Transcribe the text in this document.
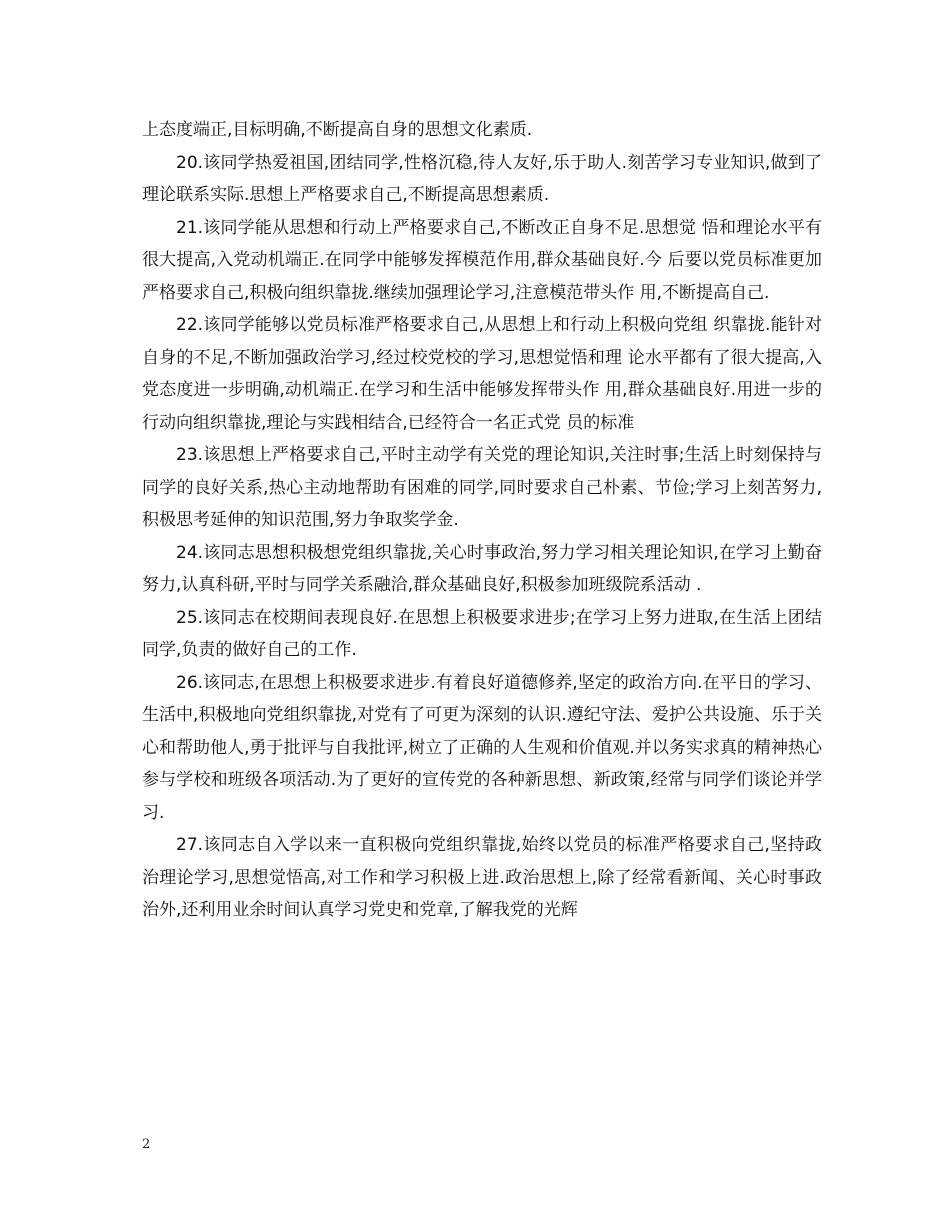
上态度端正,目标明确,不断提高自身的思想文化素质.

20.该同学热爱祖国,团结同学,性格沉稳,待人友好,乐于助人.刻苦学习专业知识,做到了理论联系实际.思想上严格要求自己,不断提高思想素质.

21.该同学能从思想和行动上严格要求自己,不断改正自身不足.思想觉 悟和理论水平有很大提高,入党动机端正.在同学中能够发挥模范作用,群众基础良好.今 后要以党员标准更加严格要求自己,积极向组织靠拢.继续加强理论学习,注意模范带头作 用,不断提高自己.

22.该同学能够以党员标准严格要求自己,从思想上和行动上积极向党组 织靠拢.能针对自身的不足,不断加强政治学习,经过校党校的学习,思想觉悟和理 论水平都有了很大提高,入党态度进一步明确,动机端正.在学习和生活中能够发挥带头作 用,群众基础良好.用进一步的行动向组织靠拢,理论与实践相结合,已经符合一名正式党 员的标准

23.该思想上严格要求自己,平时主动学有关党的理论知识,关注时事;生活上时刻保持与同学的良好关系,热心主动地帮助有困难的同学,同时要求自己朴素、节俭;学习上刻苦努力,积极思考延伸的知识范围,努力争取奖学金.

24.该同志思想积极想党组织靠拢,关心时事政治,努力学习相关理论知识,在学习上勤奋努力,认真科研,平时与同学关系融洽,群众基础良好,积极参加班级院系活动 .

25.该同志在校期间表现良好.在思想上积极要求进步;在学习上努力进取,在生活上团结同学,负责的做好自己的工作.

26.该同志,在思想上积极要求进步.有着良好道德修养,坚定的政治方向.在平日的学习、生活中,积极地向党组织靠拢,对党有了可更为深刻的认识.遵纪守法、爱护公共设施、乐于关心和帮助他人,勇于批评与自我批评,树立了正确的人生观和价值观.并以务实求真的精神热心参与学校和班级各项活动.为了更好的宣传党的各种新思想、新政策,经常与同学们谈论并学习.

27.该同志自入学以来一直积极向党组织靠拢,始终以党员的标准严格要求自己,坚持政治理论学习,思想觉悟高,对工作和学习积极上进.政治思想上,除了经常看新闻、关心时事政治外,还利用业余时间认真学习党史和党章,了解我党的光辉

2
